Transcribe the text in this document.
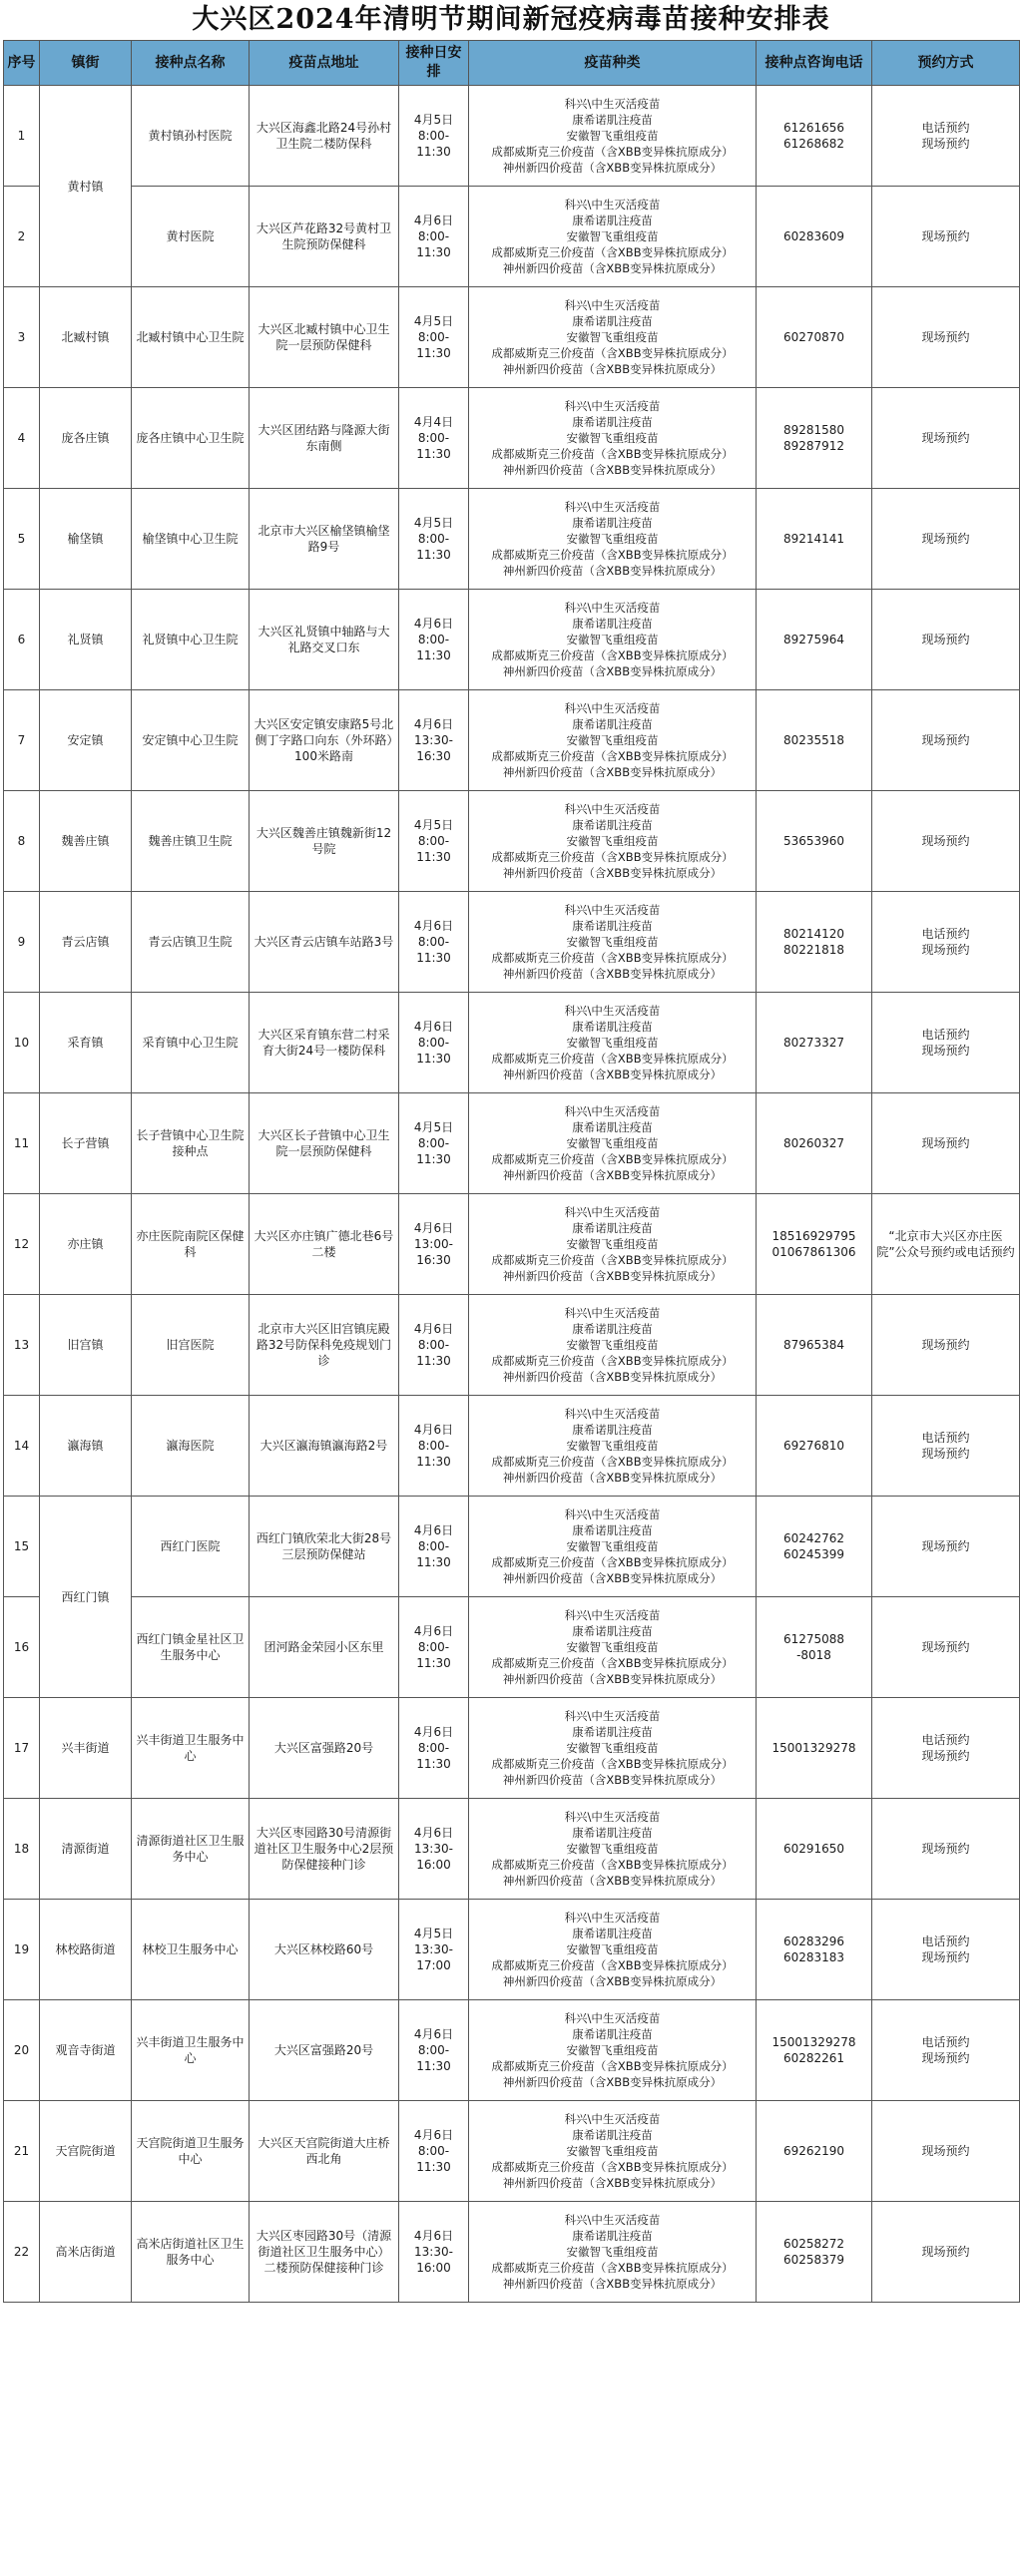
大兴区2024年清明节期间新冠疫病毒苗接种安排表
序号	镇街	接种点名称	疫苗点地址	接种日安排	疫苗种类	接种点咨询电话	预约方式
1	黄村镇	黄村镇孙村医院	大兴区海鑫北路24号孙村卫生院二楼防保科	4月5日
8:00-11:30	科兴\中生灭活疫苗
康希诺肌注疫苗
安徽智飞重组疫苗
成都威斯克三价疫苗（含XBB变异株抗原成分）
神州新四价疫苗（含XBB变异株抗原成分）	61261656
61268682	电话预约
现场预约

2		黄村医院	大兴区芦花路32号黄村卫生院预防保健科	4月6日
8:00-11:30	科兴\中生灭活疫苗
康希诺肌注疫苗
安徽智飞重组疫苗
成都威斯克三价疫苗（含XBB变异株抗原成分）
神州新四价疫苗（含XBB变异株抗原成分）	60283609	现场预约

3	北臧村镇	北臧村镇中心卫生院	大兴区北臧村镇中心卫生院一层预防保健科	4月5日
8:00-11:30	科兴\中生灭活疫苗
康希诺肌注疫苗
安徽智飞重组疫苗
成都威斯克三价疫苗（含XBB变异株抗原成分）
神州新四价疫苗（含XBB变异株抗原成分）	60270870	现场预约

4	庞各庄镇	庞各庄镇中心卫生院	大兴区团结路与隆源大街东南侧	4月4日
8:00-11:30	科兴\中生灭活疫苗
康希诺肌注疫苗
安徽智飞重组疫苗
成都威斯克三价疫苗（含XBB变异株抗原成分）
神州新四价疫苗（含XBB变异株抗原成分）	89281580
89287912	现场预约

5	榆垡镇	榆垡镇中心卫生院	北京市大兴区榆垡镇榆垡路9号	4月5日
8:00-11:30	科兴\中生灭活疫苗
康希诺肌注疫苗
安徽智飞重组疫苗
成都威斯克三价疫苗（含XBB变异株抗原成分）
神州新四价疫苗（含XBB变异株抗原成分）	89214141	现场预约

6	礼贤镇	礼贤镇中心卫生院	大兴区礼贤镇中轴路与大礼路交叉口东	4月6日
8:00-11:30	科兴\中生灭活疫苗
康希诺肌注疫苗
安徽智飞重组疫苗
成都威斯克三价疫苗（含XBB变异株抗原成分）
神州新四价疫苗（含XBB变异株抗原成分）	89275964	现场预约

7	安定镇	安定镇中心卫生院	大兴区安定镇安康路5号北侧丁字路口向东（外环路）100米路南	4月6日
13:30-16:30	科兴\中生灭活疫苗
康希诺肌注疫苗
安徽智飞重组疫苗
成都威斯克三价疫苗（含XBB变异株抗原成分）
神州新四价疫苗（含XBB变异株抗原成分）	80235518	现场预约

8	魏善庄镇	魏善庄镇卫生院	大兴区魏善庄镇魏新街12号院	4月5日
8:00-11:30	科兴\中生灭活疫苗
康希诺肌注疫苗
安徽智飞重组疫苗
成都威斯克三价疫苗（含XBB变异株抗原成分）
神州新四价疫苗（含XBB变异株抗原成分）	53653960	现场预约

9	青云店镇	青云店镇卫生院	大兴区青云店镇车站路3号	4月6日
8:00-11:30	科兴\中生灭活疫苗
康希诺肌注疫苗
安徽智飞重组疫苗
成都威斯克三价疫苗（含XBB变异株抗原成分）
神州新四价疫苗（含XBB变异株抗原成分）	80214120
80221818	电话预约
现场预约

10	采育镇	采育镇中心卫生院	大兴区采育镇东营二村采育大街24号一楼防保科	4月6日
8:00-11:30	科兴\中生灭活疫苗
康希诺肌注疫苗
安徽智飞重组疫苗
成都威斯克三价疫苗（含XBB变异株抗原成分）
神州新四价疫苗（含XBB变异株抗原成分）	80273327	电话预约
现场预约

11	长子营镇	长子营镇中心卫生院接种点	大兴区长子营镇中心卫生院一层预防保健科	4月5日
8:00-11:30	科兴\中生灭活疫苗
康希诺肌注疫苗
安徽智飞重组疫苗
成都威斯克三价疫苗（含XBB变异株抗原成分）
神州新四价疫苗（含XBB变异株抗原成分）	80260327	现场预约

12	亦庄镇	亦庄医院南院区保健科	大兴区亦庄镇广德北巷6号二楼	4月6日
13:00-16:30	科兴\中生灭活疫苗
康希诺肌注疫苗
安徽智飞重组疫苗
成都威斯克三价疫苗（含XBB变异株抗原成分）
神州新四价疫苗（含XBB变异株抗原成分）	18516929795
01067861306	“北京市大兴区亦庄医院”公众号预约或电话预约

13	旧宫镇	旧宫医院	北京市大兴区旧宫镇庑殿路32号防保科免疫规划门诊	4月6日
8:00-11:30	科兴\中生灭活疫苗
康希诺肌注疫苗
安徽智飞重组疫苗
成都威斯克三价疫苗（含XBB变异株抗原成分）
神州新四价疫苗（含XBB变异株抗原成分）	87965384	现场预约

14	瀛海镇	瀛海医院	大兴区瀛海镇瀛海路2号	4月6日
8:00-11:30	科兴\中生灭活疫苗
康希诺肌注疫苗
安徽智飞重组疫苗
成都威斯克三价疫苗（含XBB变异株抗原成分）
神州新四价疫苗（含XBB变异株抗原成分）	69276810	电话预约
现场预约

15	西红门镇	西红门医院	西红门镇欣荣北大街28号三层预防保健站	4月6日
8:00-11:30	科兴\中生灭活疫苗
康希诺肌注疫苗
安徽智飞重组疫苗
成都威斯克三价疫苗（含XBB变异株抗原成分）
神州新四价疫苗（含XBB变异株抗原成分）	60242762
60245399	现场预约

16		西红门镇金星社区卫生服务中心	团河路金荣园小区东里	4月6日
8:00-11:30	科兴\中生灭活疫苗
康希诺肌注疫苗
安徽智飞重组疫苗
成都威斯克三价疫苗（含XBB变异株抗原成分）
神州新四价疫苗（含XBB变异株抗原成分）	61275088
-8018	现场预约

17	兴丰街道	兴丰街道卫生服务中心	大兴区富强路20号	4月6日
8:00-11:30	科兴\中生灭活疫苗
康希诺肌注疫苗
安徽智飞重组疫苗
成都威斯克三价疫苗（含XBB变异株抗原成分）
神州新四价疫苗（含XBB变异株抗原成分）	15001329278	电话预约
现场预约

18	清源街道	清源街道社区卫生服务中心	大兴区枣园路30号清源街道社区卫生服务中心2层预防保健接种门诊	4月6日
13:30-16:00	科兴\中生灭活疫苗
康希诺肌注疫苗
安徽智飞重组疫苗
成都威斯克三价疫苗（含XBB变异株抗原成分）
神州新四价疫苗（含XBB变异株抗原成分）	60291650	现场预约

19	林校路街道	林校卫生服务中心	大兴区林校路60号	4月5日
13:30-17:00	科兴\中生灭活疫苗
康希诺肌注疫苗
安徽智飞重组疫苗
成都威斯克三价疫苗（含XBB变异株抗原成分）
神州新四价疫苗（含XBB变异株抗原成分）	60283296
60283183	电话预约
现场预约

20	观音寺街道	兴丰街道卫生服务中心	大兴区富强路20号	4月6日
8:00-11:30	科兴\中生灭活疫苗
康希诺肌注疫苗
安徽智飞重组疫苗
成都威斯克三价疫苗（含XBB变异株抗原成分）
神州新四价疫苗（含XBB变异株抗原成分）	15001329278
60282261	电话预约
现场预约

21	天宫院街道	天宫院街道卫生服务中心	大兴区天宫院街道大庄桥西北角	4月6日
8:00-11:30	科兴\中生灭活疫苗
康希诺肌注疫苗
安徽智飞重组疫苗
成都威斯克三价疫苗（含XBB变异株抗原成分）
神州新四价疫苗（含XBB变异株抗原成分）	69262190	现场预约

22	高米店街道	高米店街道社区卫生服务中心	大兴区枣园路30号（清源街道社区卫生服务中心）二楼预防保健接种门诊	4月6日
13:30-16:00	科兴\中生灭活疫苗
康希诺肌注疫苗
安徽智飞重组疫苗
成都威斯克三价疫苗（含XBB变异株抗原成分）
神州新四价疫苗（含XBB变异株抗原成分）	60258272
60258379	现场预约
